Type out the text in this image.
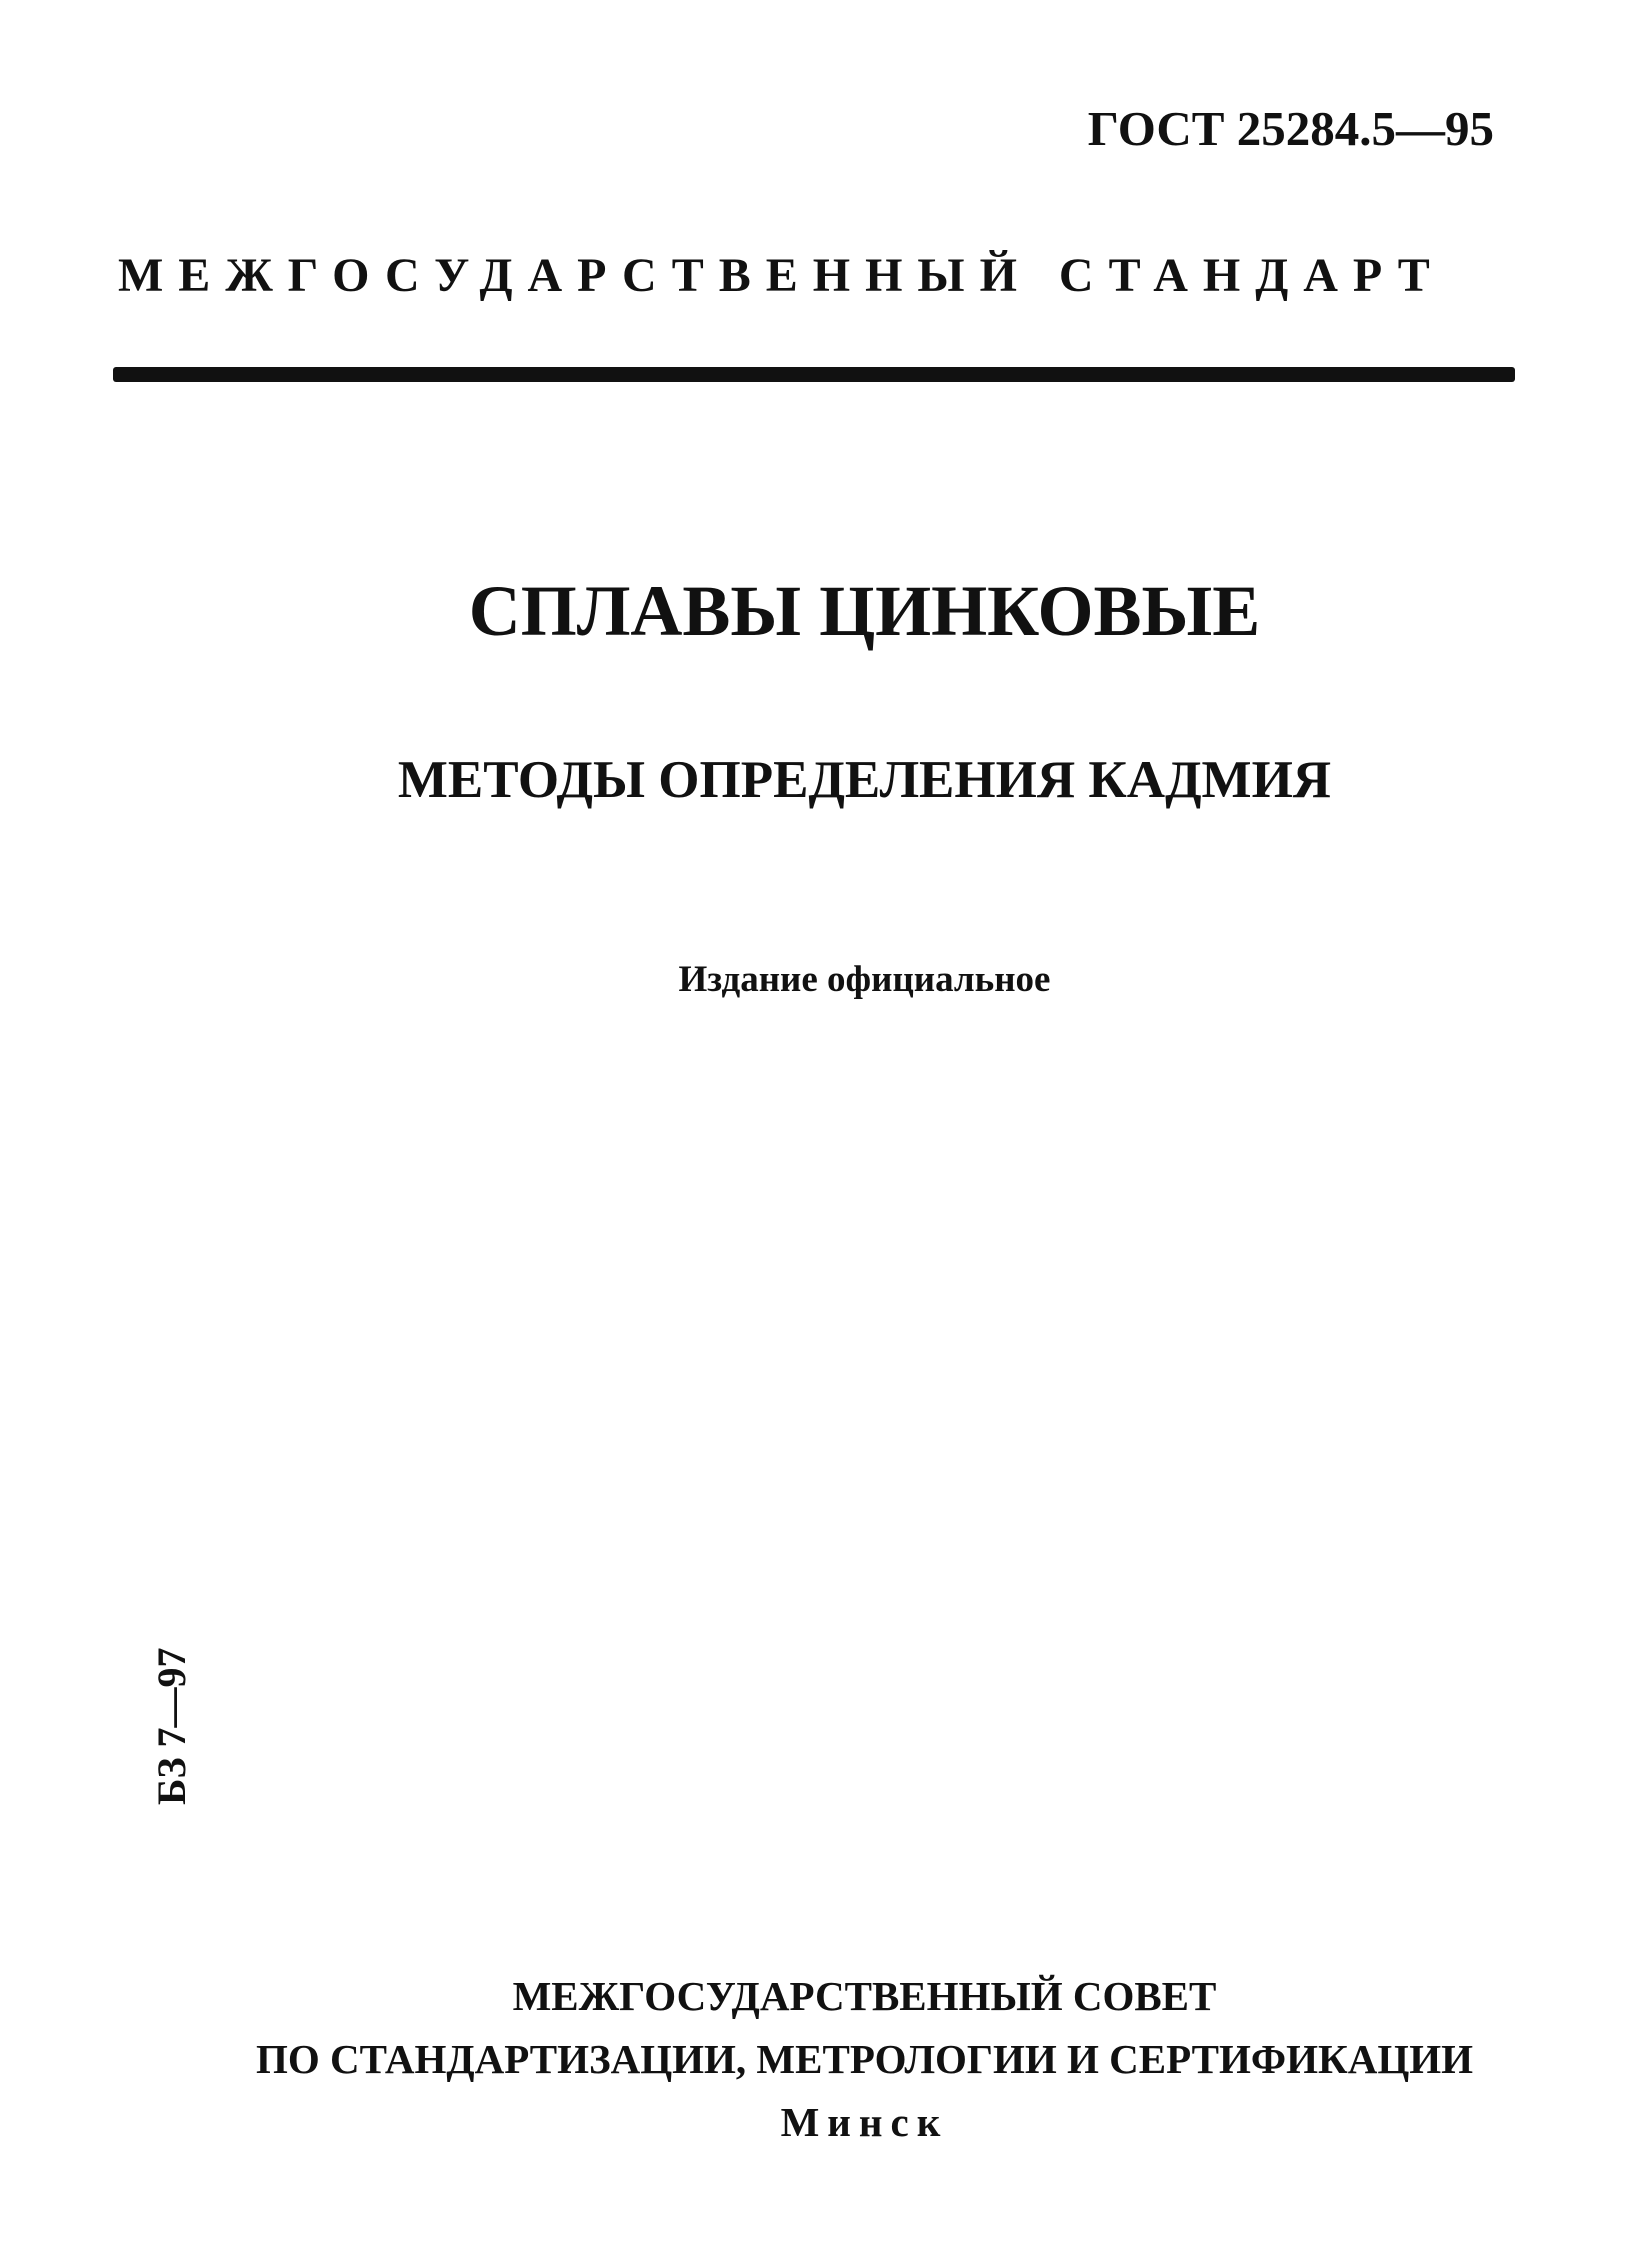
ГОСТ 25284.5—95
МЕЖГОСУДАРСТВЕННЫЙ СТАНДАРТ
СПЛАВЫ ЦИНКОВЫЕ
МЕТОДЫ ОПРЕДЕЛЕНИЯ КАДМИЯ
Издание официальное
БЗ 7—97
МЕЖГОСУДАРСТВЕННЫЙ СОВЕТ
ПО СТАНДАРТИЗАЦИИ, МЕТРОЛОГИИ И СЕРТИФИКАЦИИ
Минск
